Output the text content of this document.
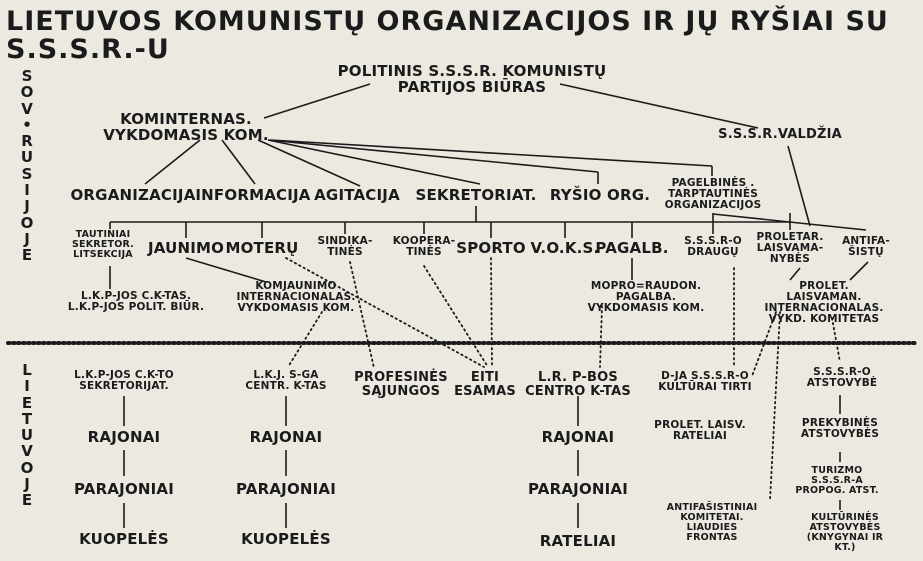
LIETUVOS KOMUNISTŲ ORGANIZACIJOS IR JŲ RYŠIAI SU S.S.S.R.-U
S
O
V
•
R
U
S
I
J
O
J
E
L
I
E
T
U
V
O
J
E
POLITINIS S.S.S.R. KOMUNISTŲ
PARTIJOS BIŪRAS
KOMINTERNAS.
VYKDOMASIS KOM.	S.S.S.R.VALDŽIA
ORGANIZACIJA INFORMACIJA AGITACIJA SEKRETORIAT. RYŠIO ORG.
PAGELBINĖS .
TARPTAUTINĖS
ORGANIZACIJOS
TAUTINIAI
SEKRETOR.
LITSEKCIJA JAUNIMO MOTERŲ SINDIKA-
TINĖS
KOOPERA-
TINĖS SPORTO V.O.K.S.
PAGALB. S.S.S.R-O
DRAUGŲ
PROLETAR.
LAISVAMA-
NYBĖS
ANTIFA-
ŠISTŲ
L.K.P-JOS C.K-TAS.
L.K.P-JOS POLIT. BIŪR.
KOMJAUNIMO
INTERNACIONALAS.
VYKDOMASIS KOM.
MOPRO=RAUDON.
PAGALBA.
VYKDOMASIS KOM.
PROLET. LAISVAMAN.
INTERNACIONALAS.
VYKD. KOMITETAS
L.K.P-JOS C.K-TO
SEKRETORIJAT.
L.K.J. S-GA
CENTR. K-TAS
PROFESINĖS
SĄJUNGOS
EITI
ESAMAS
L.R. P-BOS
CENTRO K-TAS
D-JA S.S.S.R-O
KULTŪRAI TIRTI
S.S.S.R-O
ATSTOVYBĖ
RAJONAI	RAJONAI	RAJONAI
PARAJONIAI	PARAJONIAI	PARAJONIAI
KUOPELĖS	KUOPELĖS	RATELIAI
PROLET. LAISV.
RATELIAI
PREKYBINĖS
ATSTOVYBĖS
TURIZMO
S.S.S.R-A
PROPOG. ATST.
KULTŪRINĖS
ATSTOVYBĖS
(KNYGYNAI IR KT.)
ANTIFAŠISTINIAI
KOMITETAI.
LIAUDIES
FRONTAS
